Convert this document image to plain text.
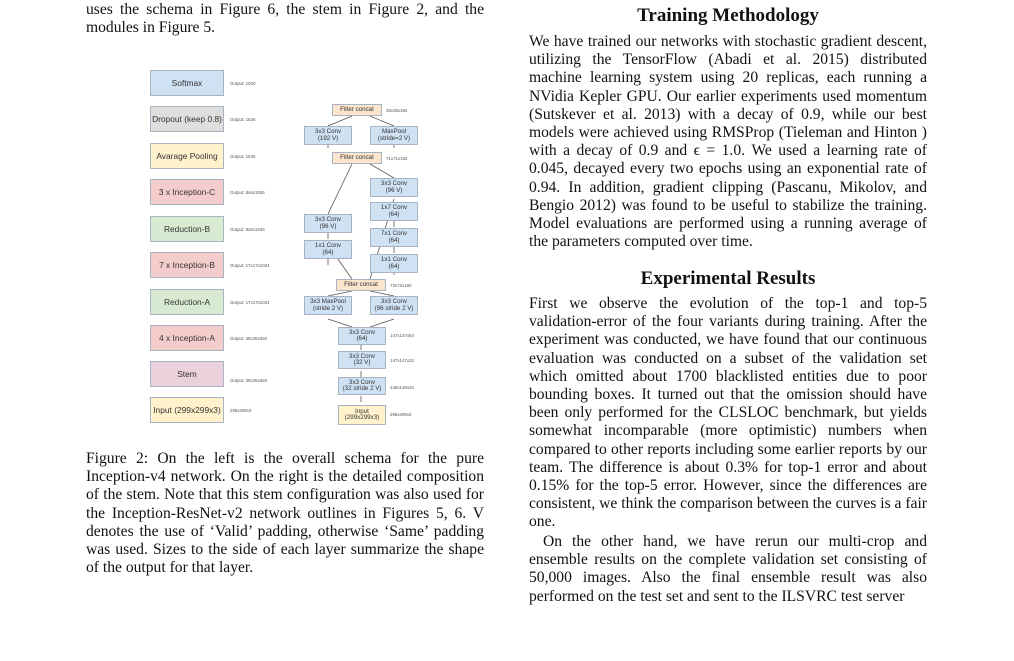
uses the schema in Figure 6, the stem in Figure 2, and the modules in Figure 5.

Softmax	Output: 1000
Dropout (keep 0.8)	Output: 1536
Avarage Pooling	Output: 1536
3 x Inception-C	Output: 8x8x1536
Reduction-B	Output: 8x8x1536
7 x Inception-B	Output: 17x17x1024
Reduction-A	Output: 17x17x1024
4 x Inception-A	Output: 35x35x384
Stem
Output: 35x35x384
Input (299x299x3)	299x299x3
Filter concat	35x35x384
3x3 Conv
(192 V)
MaxPool
(stride=2 V)
Filter concat	71x71x192
3x3 Conv
(96 V)
1x7 Conv
(64)
7x1 Conv
(64)
1x1 Conv
(64)
3x3 Conv
(96 V)
1x1 Conv
(64)
Filter concat	73x73x160
3x3 MaxPool
(stride 2 V)
3x3 Conv
(96 stride 2 V)
3x3 Conv
(64)	147x147x64
3x3 Conv
(32 V)	147x147x32
3x3 Conv
(32 stride 2 V)	149x149x32
Input
(299x299x3)	299x299x3

Figure 2: On the left is the overall schema for the pure Inception-v4 network. On the right is the detailed composition of the stem. Note that this stem configuration was also used for the Inception-ResNet-v2 network outlines in Figures 5, 6. V denotes the use of ‘Valid’ padding, otherwise ‘Same’ padding was used. Sizes to the side of each layer summarize the shape of the output for that layer.

Training Methodology

We have trained our networks with stochastic gradient descent, utilizing the TensorFlow (Abadi et al. 2015) distributed machine learning system using 20 replicas, each running a NVidia Kepler GPU. Our earlier experiments used momentum (Sutskever et al. 2013) with a decay of 0.9, while our best models were achieved using RMSProp (Tieleman and Hinton ) with a decay of 0.9 and ϵ = 1.0. We used a learning rate of 0.045, decayed every two epochs using an exponential rate of 0.94. In addition, gradient clipping (Pascanu, Mikolov, and Bengio 2012) was found to be useful to stabilize the training. Model evaluations are performed using a running average of the parameters computed over time.

Experimental Results

First we observe the evolution of the top-1 and top-5 validation-error of the four variants during training. After the experiment was conducted, we have found that our continuous evaluation was conducted on a subset of the validation set which omitted about 1700 blacklisted entities due to poor bounding boxes. It turned out that the omission should have been only performed for the CLSLOC benchmark, but yields somewhat incomparable (more optimistic) numbers when compared to other reports including some earlier reports by our team. The difference is about 0.3% for top-1 error and about 0.15% for the top-5 error. However, since the differences are consistent, we think the comparison between the curves is a fair one.

On the other hand, we have rerun our multi-crop and ensemble results on the complete validation set consisting of 50,000 images. Also the final ensemble result was also performed on the test set and sent to the ILSVRC test server
